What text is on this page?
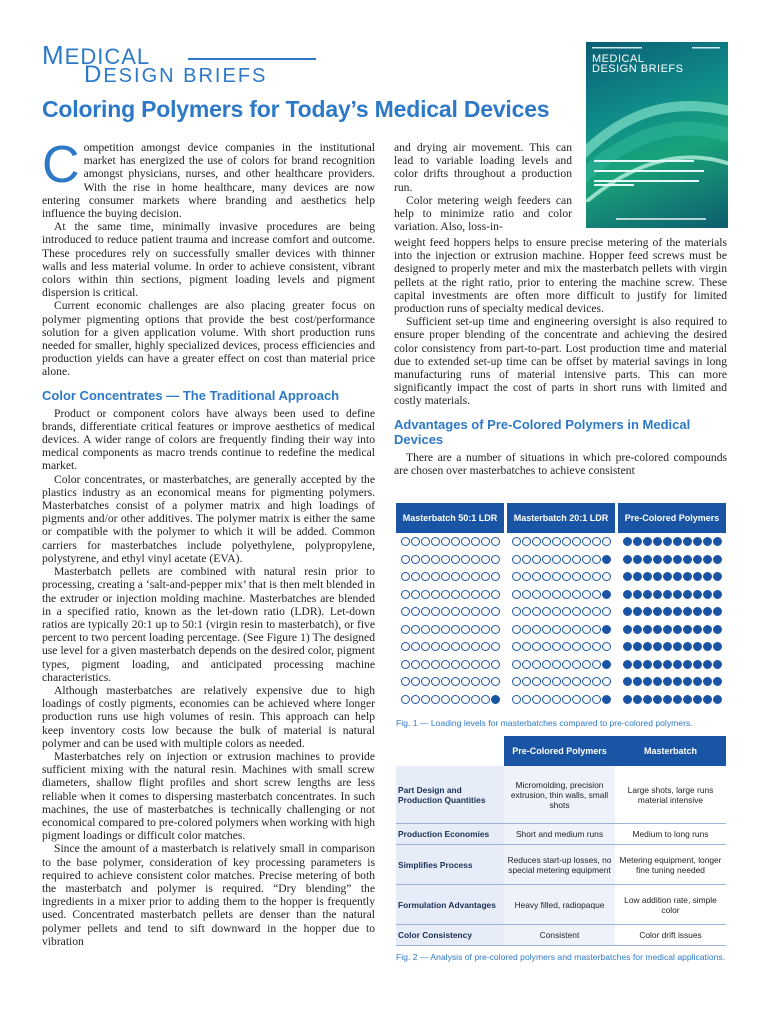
MEDICAL
DESIGN BRIEFS
MEDICAL
DESIGN BRIEFS
Coloring Polymers for Today’s Medical Devices

Competition amongst device companies in the institutional market has energized the use of colors for brand recognition amongst physicians, nurses, and other healthcare providers. With the rise in home healthcare, many devices are now entering consumer markets where branding and aesthetics help influence the buying decision.

At the same time, minimally invasive procedures are being introduced to reduce patient trauma and increase comfort and outcome. These procedures rely on successfully smaller devices with thinner walls and less material volume. In order to achieve consistent, vibrant colors within thin sections, pigment loading levels and pigment dispersion is critical.

Current economic challenges are also placing greater focus on polymer pigmenting options that provide the best cost/performance solution for a given application volume. With short production runs needed for smaller, highly specialized devices, process efficiencies and production yields can have a greater effect on cost than material price alone.

Color Concentrates — The Traditional Approach

Product or component colors have always been used to define brands, differentiate critical features or improve aesthetics of medical devices. A wider range of colors are frequently finding their way into medical components as macro trends continue to redefine the medical market.

Color concentrates, or masterbatches, are generally accepted by the plastics industry as an economical means for pigmenting polymers. Masterbatches consist of a polymer matrix and high loadings of pigments and/or other additives. The polymer matrix is either the same or compatible with the polymer to which it will be added. Common carriers for masterbatches include polyethylene, polypropylene, polystyrene, and ethyl vinyl acetate (EVA).

Masterbatch pellets are combined with natural resin prior to processing, creating a ‘salt-and-pepper mix’ that is then melt blended in the extruder or injection molding machine. Masterbatches are blended in a specified ratio, known as the let-down ratio (LDR). Let-down ratios are typically 20:1 up to 50:1 (virgin resin to masterbatch), or five percent to two percent loading percentage. (See Figure 1) The designed use level for a given masterbatch depends on the desired color, pigment types, pigment loading, and anticipated processing machine characteristics.

Although masterbatches are relatively expensive due to high loadings of costly pigments, economies can be achieved where longer production runs use high volumes of resin. This approach can help keep inventory costs low because the bulk of material is natural polymer and can be used with multiple colors as needed.

Masterbatches rely on injection or extrusion machines to provide sufficient mixing with the natural resin. Machines with small screw diameters, shallow flight profiles and short screw lengths are less reliable when it comes to dispersing masterbatch concentrates. In such machines, the use of masterbatches is technically challenging or not economical compared to pre-colored polymers when working with high pigment loadings or difficult color matches.

Since the amount of a masterbatch is relatively small in comparison to the base polymer, consideration of key processing parameters is required to achieve consistent color matches. Precise metering of both the masterbatch and polymer is required. “Dry blending” the ingredients in a mixer prior to adding them to the hopper is frequently used. Concentrated masterbatch pellets are denser than the natural polymer pellets and tend to sift downward in the hopper due to vibration

and drying air movement. This can lead to variable loading levels and color drifts throughout a production run.

Color metering weigh feeders can help to minimize ratio and color variation. Also, loss-in-

weight feed hoppers helps to ensure precise metering of the materials into the injection or extrusion machine. Hopper feed screws must be designed to properly meter and mix the masterbatch pellets with virgin pellets at the right ratio, prior to entering the machine screw. These capital investments are often more difficult to justify for limited production runs of specialty medical devices.

Sufficient set-up time and engineering oversight is also required to ensure proper blending of the concentrate and achieving the desired color consistency from part-to-part. Lost production time and material due to extended set-up time can be offset by material savings in long manufacturing runs of material intensive parts. This can more significantly impact the cost of parts in short runs with limited and costly materials.

Advantages of Pre-Colored Polymers in Medical Devices

There are a number of situations in which pre-colored compounds are chosen over masterbatches to achieve consistent

Masterbatch 50:1 LDR	Masterbatch 20:1 LDR	Pre-Colored Polymers
Fig. 1 — Loading levels for masterbatches compared to pre-colored polymers.
	Pre-Colored Polymers	Masterbatch
Part Design and Production Quantities	Micromolding, precision extrusion, thin walls, small shots	Large shots, large runs material intensive
Production Economies	Short and medium runs	Medium to long runs
Simplifies Process	Reduces start-up losses, no special metering equipment	Metering equipment, longer fine tuning needed
Formulation Advantages	Heavy filled, radiopaque	Low addition rate, simple color
Color Consistency	Consistent	Color drift issues
Fig. 2 — Analysis of pre-colored polymers and masterbatches for medical applications.
